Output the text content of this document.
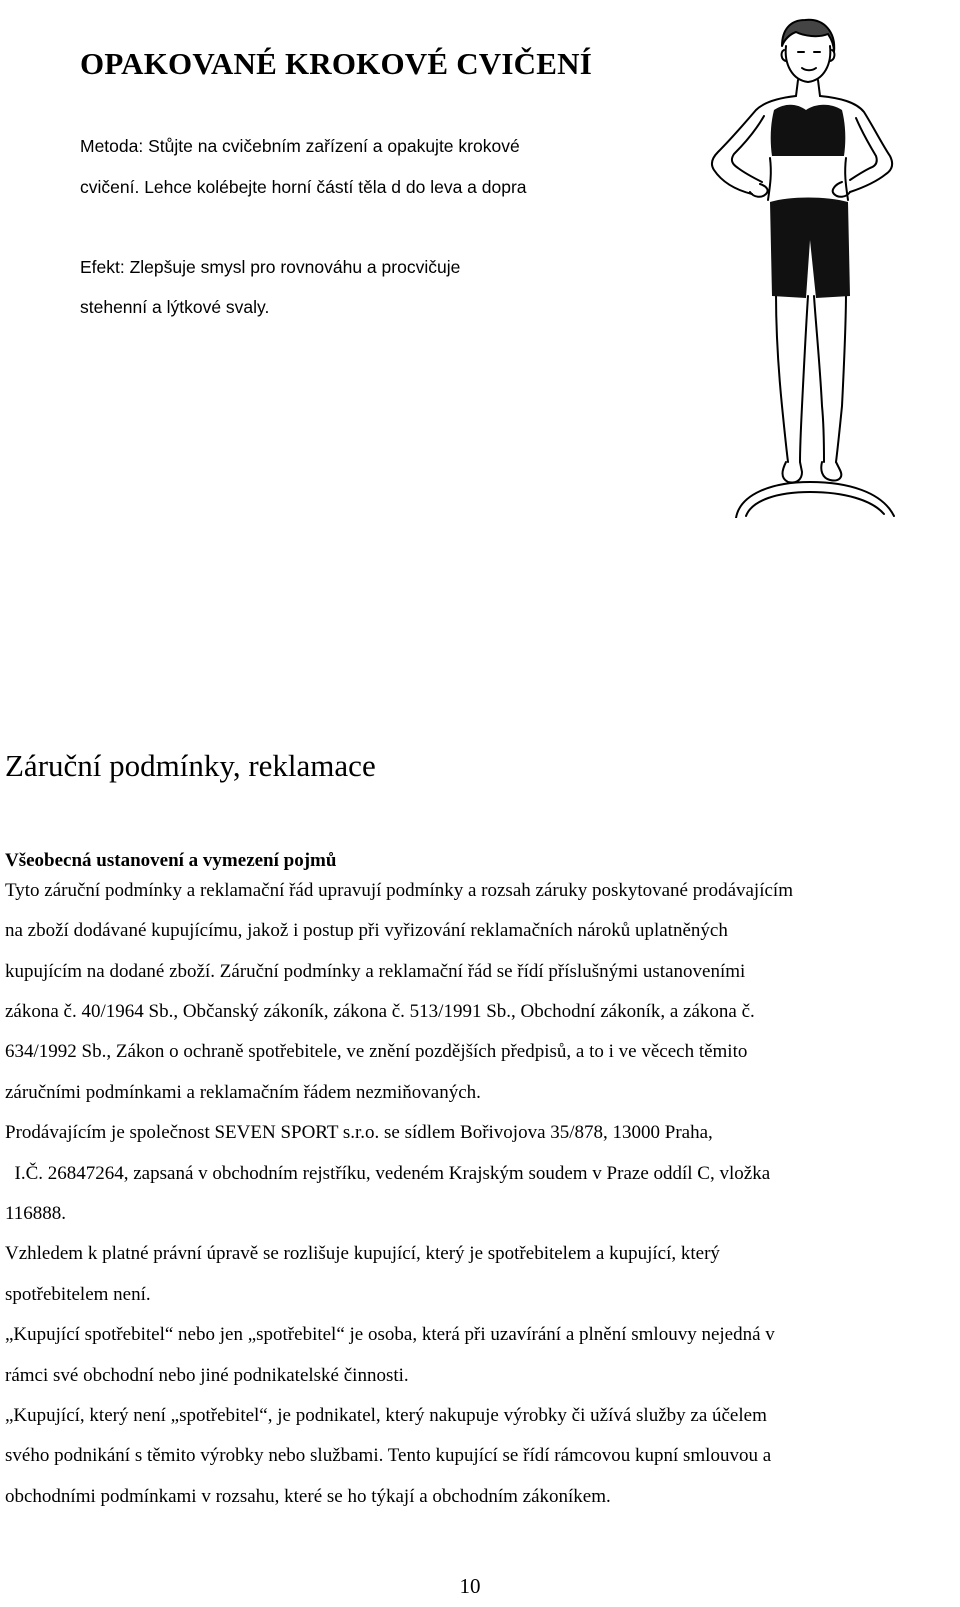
OPAKOVANÉ KROKOVÉ CVIČENÍ

Metoda: Stůjte na cvičebním zařízení a opakujte krokové

cvičení. Lehce kolébejte horní částí těla d do leva a dopra

Efekt: Zlepšuje smysl pro rovnováhu a procvičuje

stehenní a lýtkové svaly.

Záruční podmínky, reklamace
Všeobecná ustanovení a vymezení pojmů

Tyto záruční podmínky a reklamační řád upravují podmínky a rozsah záruky poskytované prodávajícím

na zboží dodávané kupujícímu, jakož i postup při vyřizování reklamačních nároků uplatněných

kupujícím na dodané zboží. Záruční podmínky a reklamační řád se řídí příslušnými ustanoveními

zákona č. 40/1964 Sb., Občanský zákoník, zákona č. 513/1991 Sb., Obchodní zákoník, a zákona č.

634/1992 Sb., Zákon o ochraně spotřebitele, ve znění pozdějších předpisů, a to i ve věcech těmito

záručními podmínkami a reklamačním řádem nezmiňovaných.

Prodávajícím je společnost SEVEN SPORT s.r.o. se sídlem Bořivojova 35/878, 13000 Praha,

I.Č. 26847264, zapsaná v obchodním rejstříku, vedeném Krajským soudem v Praze oddíl C, vložka

116888.

Vzhledem k platné právní úpravě se rozlišuje kupující, který je spotřebitelem a kupující, který

spotřebitelem není.

„Kupující spotřebitel“ nebo jen „spotřebitel“ je osoba, která při uzavírání a plnění smlouvy nejedná v

rámci své obchodní nebo jiné podnikatelské činnosti.

„Kupující, který není „spotřebitel“, je podnikatel, který nakupuje výrobky či užívá služby za účelem

svého podnikání s těmito výrobky nebo službami. Tento kupující se řídí rámcovou kupní smlouvou a

obchodními podmínkami v rozsahu, které se ho týkají a obchodním zákoníkem.

10
